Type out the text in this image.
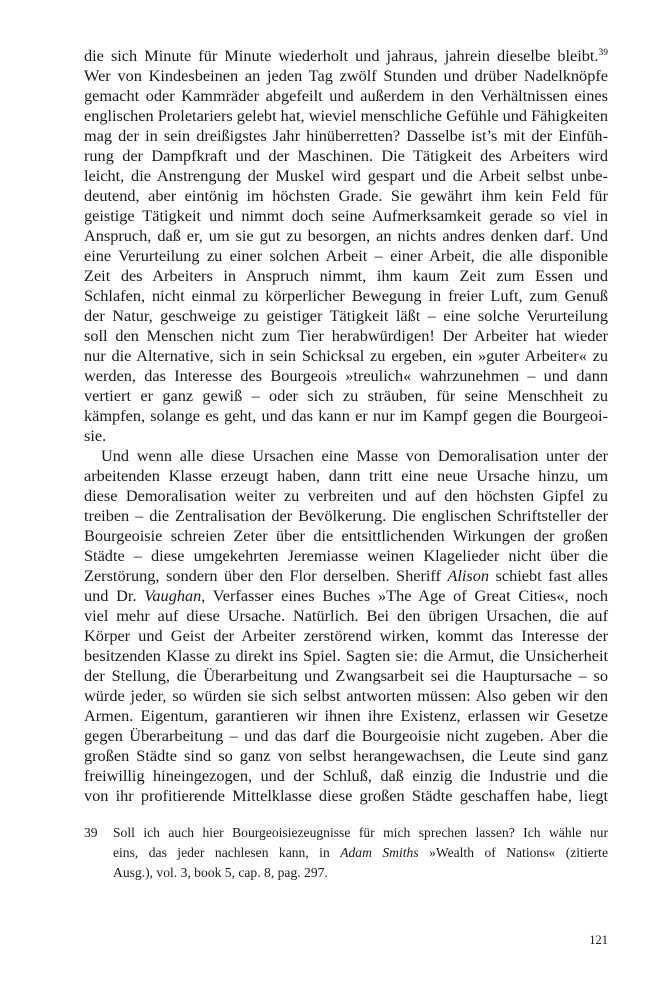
die sich Minute für Minute wiederholt und jahraus, jahrein dieselbe bleibt.$^{39}$

Wer von Kindesbeinen an jeden Tag zwölf Stunden und drüber Nadelknöpfe

gemacht oder Kammräder abgefeilt und außerdem in den Verhältnissen eines

englischen Proletariers gelebt hat, wieviel menschliche Gefühle und Fähigkeiten

mag der in sein dreißigstes Jahr hinüberretten? Dasselbe ist’s mit der Einfüh-

rung der Dampfkraft und der Maschinen. Die Tätigkeit des Arbeiters wird

leicht, die Anstrengung der Muskel wird gespart und die Arbeit selbst unbe-

deutend, aber eintönig im höchsten Grade. Sie gewährt ihm kein Feld für

geistige Tätigkeit und nimmt doch seine Aufmerksamkeit gerade so viel in

Anspruch, daß er, um sie gut zu besorgen, an nichts andres denken darf. Und

eine Verurteilung zu einer solchen Arbeit – einer Arbeit, die alle disponible

Zeit des Arbeiters in Anspruch nimmt, ihm kaum Zeit zum Essen und

Schlafen, nicht einmal zu körperlicher Bewegung in freier Luft, zum Genuß

der Natur, geschweige zu geistiger Tätigkeit läßt – eine solche Verurteilung

soll den Menschen nicht zum Tier herabwürdigen! Der Arbeiter hat wieder

nur die Alternative, sich in sein Schicksal zu ergeben, ein »guter Arbeiter« zu

werden, das Interesse des Bourgeois »treulich« wahrzunehmen – und dann

vertiert er ganz gewiß – oder sich zu sträuben, für seine Menschheit zu

kämpfen, solange es geht, und das kann er nur im Kampf gegen die Bourgeoi-

sie.

Und wenn alle diese Ursachen eine Masse von Demoralisation unter der

arbeitenden Klasse erzeugt haben, dann tritt eine neue Ursache hinzu, um

diese Demoralisation weiter zu verbreiten und auf den höchsten Gipfel zu

treiben – die Zentralisation der Bevölkerung. Die englischen Schriftsteller der

Bourgeoisie schreien Zeter über die entsittlichenden Wirkungen der großen

Städte – diese umgekehrten Jeremiasse weinen Klagelieder nicht über die

Zerstörung, sondern über den Flor derselben. Sheriff Alison schiebt fast alles

und Dr. Vaughan, Verfasser eines Buches »The Age of Great Cities«, noch

viel mehr auf diese Ursache. Natürlich. Bei den übrigen Ursachen, die auf

Körper und Geist der Arbeiter zerstörend wirken, kommt das Interesse der

besitzenden Klasse zu direkt ins Spiel. Sagten sie: die Armut, die Unsicherheit

der Stellung, die Überarbeitung und Zwangsarbeit sei die Hauptursache – so

würde jeder, so würden sie sich selbst antworten müssen: Also geben wir den

Armen. Eigentum, garantieren wir ihnen ihre Existenz, erlassen wir Gesetze

gegen Überarbeitung – und das darf die Bourgeoisie nicht zugeben. Aber die

großen Städte sind so ganz von selbst herangewachsen, die Leute sind ganz

freiwillig hineingezogen, und der Schluß, daß einzig die Industrie und die

von ihr profitierende Mittelklasse diese großen Städte geschaffen habe, liegt

39 Soll ich auch hier Bourgeoisiezeugnisse für mich sprechen lassen? Ich wähle nur

eins, das jeder nachlesen kann, in Adam Smiths »Wealth of Nations« (zitierte

Ausg.), vol. 3, book 5, cap. 8, pag. 297.

121
